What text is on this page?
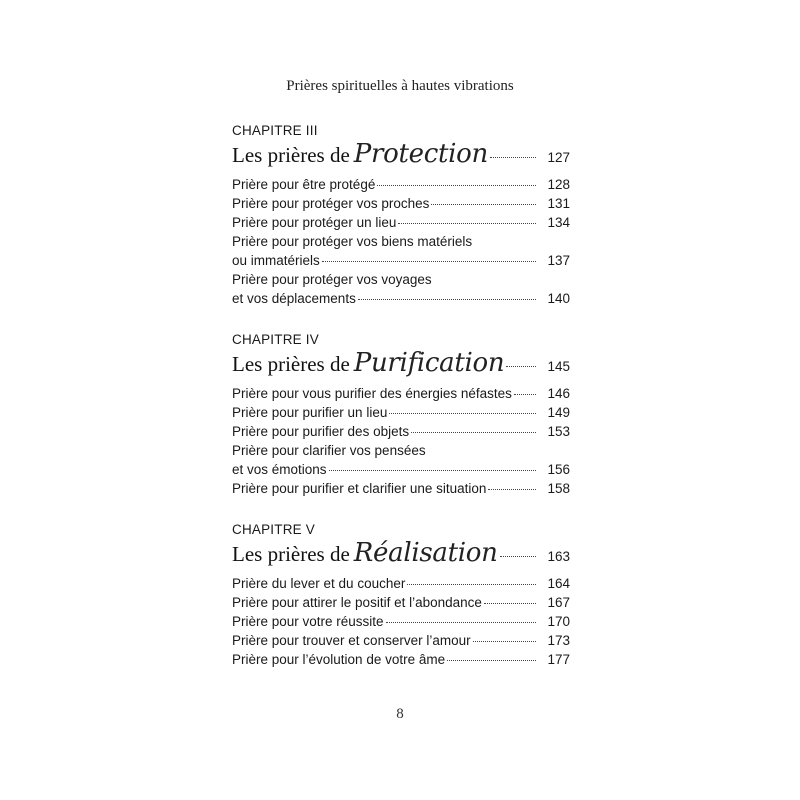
Prières spirituelles à hautes vibrations
CHAPITRE III
Les prières de Protection	127
Prière pour être protégé	128
Prière pour protéger vos proches	131
Prière pour protéger un lieu	134
Prière pour protéger vos biens matériels
ou immatériels	137
Prière pour protéger vos voyages
et vos déplacements	140
CHAPITRE IV
Les prières de Purification	145
Prière pour vous purifier des énergies néfastes	146
Prière pour purifier un lieu	149
Prière pour purifier des objets	153
Prière pour clarifier vos pensées
et vos émotions	156
Prière pour purifier et clarifier une situation	158
CHAPITRE V
Les prières de Réalisation	163
Prière du lever et du coucher	164
Prière pour attirer le positif et l’abondance	167
Prière pour votre réussite	170
Prière pour trouver et conserver l’amour	173
Prière pour l’évolution de votre âme	177
8
